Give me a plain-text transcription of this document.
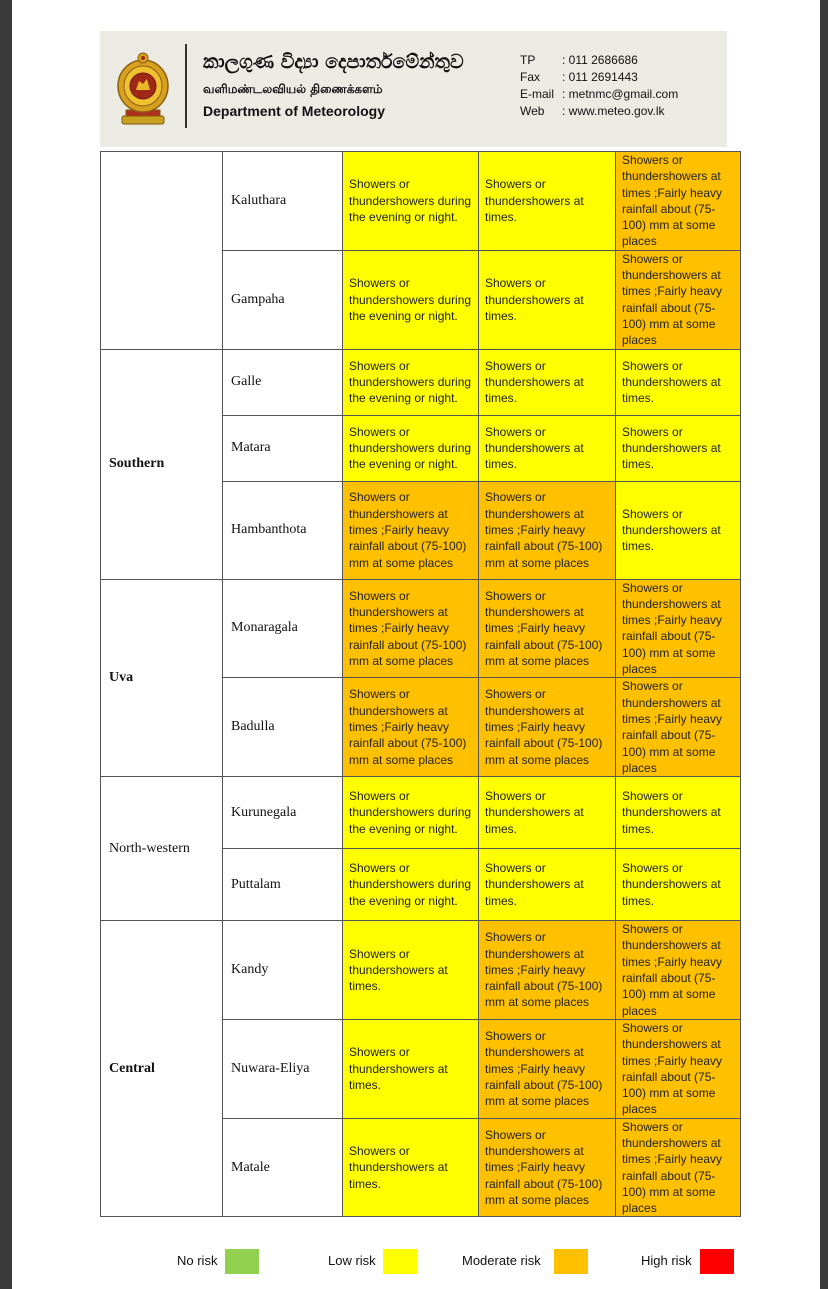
කාලගුණ විද්‍යා දෙපාර්තමේන්තුව
வளிமண்டலவியல் திணைக்களம்
Department of Meteorology
TP : 011 2686686
Fax : 011 2691443
E-mail : metnmc@gmail.com
Web : www.meteo.gov.lk
	Kaluthara	Showers or thundershowers during the evening or night.	Showers or thundershowers at times.	Showers or thundershowers at times ;Fairly heavy rainfall about (75-100) mm at some places
	Gampaha	Showers or thundershowers during the evening or night.	Showers or thundershowers at times.	Showers or thundershowers at times ;Fairly heavy rainfall about (75-100) mm at some places
Southern	Galle	Showers or thundershowers during the evening or night.	Showers or thundershowers at times.	Showers or thundershowers at times.
	Matara	Showers or thundershowers during the evening or night.	Showers or thundershowers at times.	Showers or thundershowers at times.
	Hambanthota	Showers or thundershowers at times ;Fairly heavy rainfall about (75-100) mm at some places	Showers or thundershowers at times ;Fairly heavy rainfall about (75-100) mm at some places	Showers or thundershowers at times.
Uva	Monaragala	Showers or thundershowers at times ;Fairly heavy rainfall about (75-100) mm at some places	Showers or thundershowers at times ;Fairly heavy rainfall about (75-100) mm at some places	Showers or thundershowers at times ;Fairly heavy rainfall about (75-100) mm at some places
	Badulla	Showers or thundershowers at times ;Fairly heavy rainfall about (75-100) mm at some places	Showers or thundershowers at times ;Fairly heavy rainfall about (75-100) mm at some places	Showers or thundershowers at times ;Fairly heavy rainfall about (75-100) mm at some places
North-western	Kurunegala	Showers or thundershowers during the evening or night.	Showers or thundershowers at times.	Showers or thundershowers at times.
	Puttalam	Showers or thundershowers during the evening or night.	Showers or thundershowers at times.	Showers or thundershowers at times.
Central	Kandy	Showers or thundershowers at times.	Showers or thundershowers at times ;Fairly heavy rainfall about (75-100) mm at some places	Showers or thundershowers at times ;Fairly heavy rainfall about (75-100) mm at some places
	Nuwara-Eliya	Showers or thundershowers at times.	Showers or thundershowers at times ;Fairly heavy rainfall about (75-100) mm at some places	Showers or thundershowers at times ;Fairly heavy rainfall about (75-100) mm at some places
	Matale	Showers or thundershowers at times.	Showers or thundershowers at times ;Fairly heavy rainfall about (75-100) mm at some places	Showers or thundershowers at times ;Fairly heavy rainfall about (75-100) mm at some places
No risk	Low risk	Moderate risk	High risk
